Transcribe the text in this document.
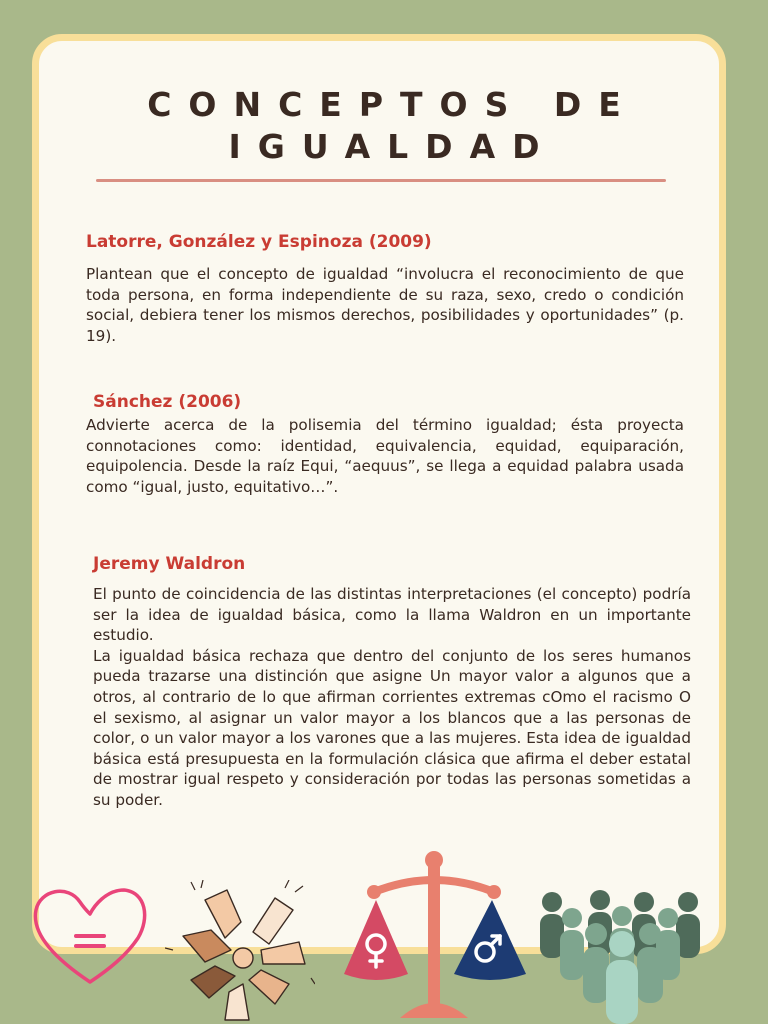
CONCEPTOS DE
IGUALDAD
Latorre, González y Espinoza (2009)

Plantean que el concepto de igualdad “involucra el reconocimiento de que toda persona, en forma independiente de su raza, sexo, credo o condición social, debiera tener los mismos derechos, posibilidades y oportunidades” (p. 19).

Sánchez (2006)

Advierte acerca de la polisemia del término igualdad; ésta proyecta connotaciones como: identidad, equivalencia, equidad, equiparación, equipolencia. Desde la raíz Equi, “aequus”, se llega a equidad palabra usada como “igual, justo, equitativo…”.

Jeremy Waldron

El punto de coincidencia de las distintas interpretaciones (el concepto) podría ser la idea de igualdad básica, como la llama Waldron en un importante estudio.

La igualdad básica rechaza que dentro del conjunto de los seres humanos pueda trazarse una distinción que asigne Un mayor valor a algunos que a otros, al contrario de lo que afirman corrientes extremas cOmo el racismo O el sexismo, al asignar un valor mayor a los blancos que a las personas de color, o un valor mayor a los varones que a las mujeres. Esta idea de igualdad básica está presupuesta en la formulación clásica que afirma el deber estatal de mostrar igual respeto y consideración por todas las personas sometidas a su poder.
